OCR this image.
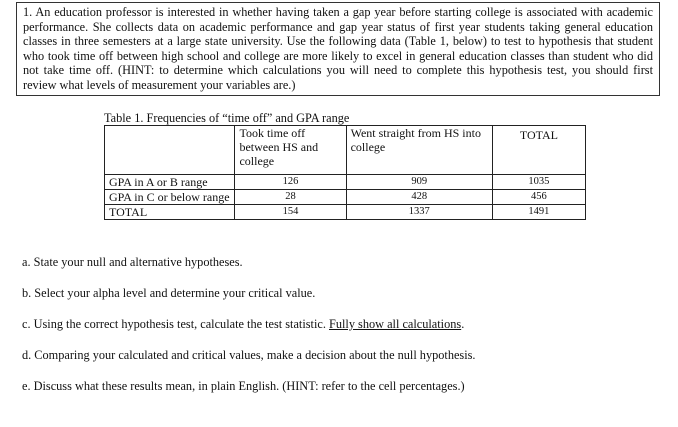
1. An education professor is interested in whether having taken a gap year before starting college is associated with academic performance. She collects data on academic performance and gap year status of first year students taking general education classes in three semesters at a large state university. Use the following data (Table 1, below) to test to hypothesis that student who took time off between high school and college are more likely to excel in general education classes than student who did not take time off. (HINT: to determine which calculations you will need to complete this hypothesis test, you should first review what levels of measurement your variables are.)

Table 1. Frequencies of “time off” and GPA range
	Took time off between HS and college	Went straight from HS into college	TOTAL
GPA in A or B range	126	909	1035
GPA in C or below range	28	428	456
TOTAL	154	1337	1491
a. State your null and alternative hypotheses.
b. Select your alpha level and determine your critical value.
c. Using the correct hypothesis test, calculate the test statistic. Fully show all calculations.
d. Comparing your calculated and critical values, make a decision about the null hypothesis.
e. Discuss what these results mean, in plain English. (HINT: refer to the cell percentages.)
